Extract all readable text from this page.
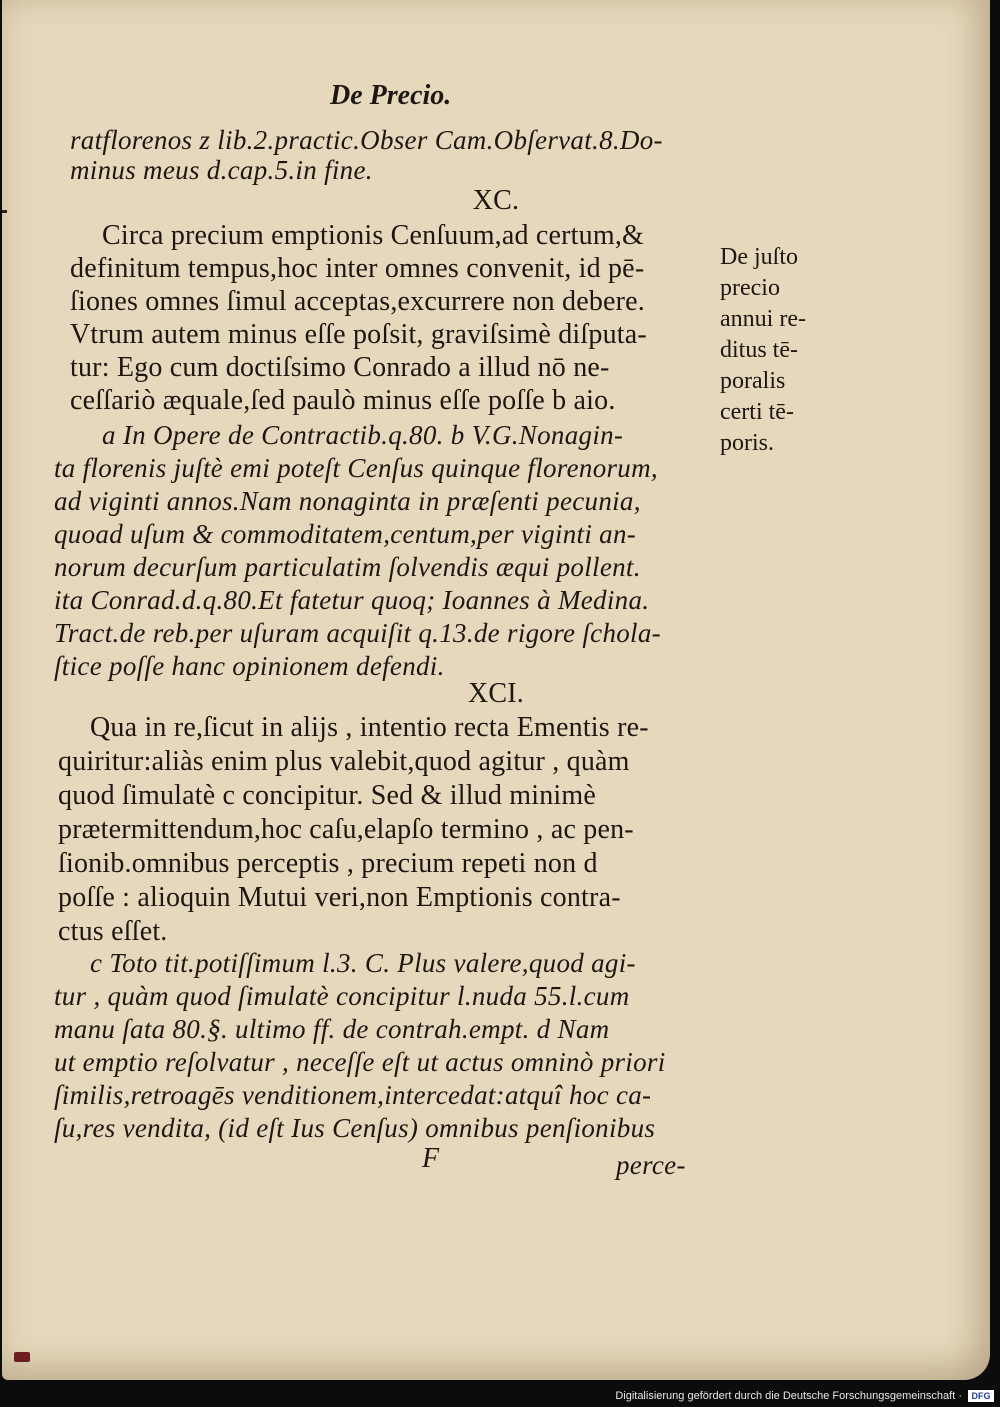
De Precio.

ratflorenos z lib.2.practic.Obser Cam.Obſervat.8.Do-

minus meus d.cap.5.in fine.

XC.

Circa precium emptionis Cenſuum,ad certum,&

definitum tempus,hoc inter omnes convenit, id pē-

ſiones omnes ſimul acceptas,excurrere non debere.

Vtrum autem minus eſſe poſsit, graviſsimè diſputa-

tur: Ego cum doctiſsimo Conrado a illud nō ne-

ceſſariò æquale,ſed paulò minus eſſe poſſe b aio.

a In Opere de Contractib.q.80. b V.G.Nonagin-

ta florenis juſtè emi poteſt Cenſus quinque florenorum,

ad viginti annos.Nam nonaginta in præſenti pecunia,

quoad uſum & commoditatem,centum,per viginti an-

norum decurſum particulatim ſolvendis æqui pollent.

ita Conrad.d.q.80.Et fatetur quoq; Ioannes à Medina.

Tract.de reb.per uſuram acquiſit q.13.de rigore ſchola-

ſtice poſſe hanc opinionem defendi.

XCI.

Qua in re,ſicut in alijs , intentio recta Ementis re-

quiritur:aliàs enim plus valebit,quod agitur , quàm

quod ſimulatè c concipitur. Sed & illud minimè

prætermittendum,hoc caſu,elapſo termino , ac pen-

ſionib.omnibus perceptis , precium repeti non d

poſſe : alioquin Mutui veri,non Emptionis contra-

ctus eſſet.

c Toto tit.potiſſimum l.3. C. Plus valere,quod agi-

tur , quàm quod ſimulatè concipitur l.nuda 55.l.cum

manu ſata 80.§. ultimo ff. de contrah.empt. d Nam

ut emptio reſolvatur , neceſſe eſt ut actus omninò priori

ſimilis,retroagēs venditionem,intercedat:atquî hoc ca-

ſu,res vendita, (id eſt Ius Cenſus) omnibus penſionibus

F	perce-

De juſto
precio
annui re-
ditus tē-
poralis
certi tē-
poris.
Digitalisierung gefördert durch die Deutsche Forschungsgemeinschaft ·	DFG
